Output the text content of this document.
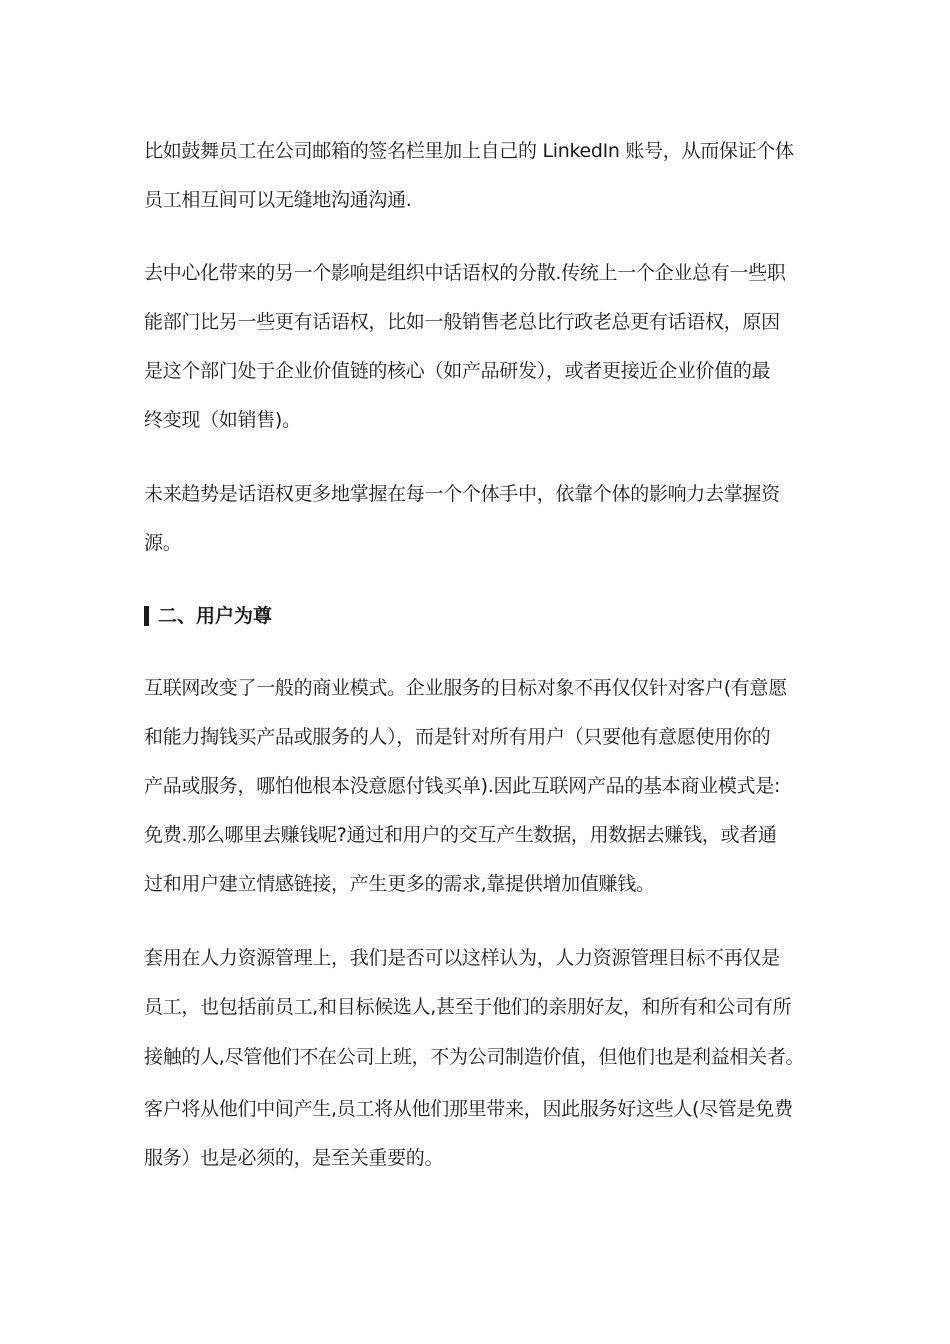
比如鼓舞员工在公司邮箱的签名栏里加上自己的 LinkedIn 账号，从而保证个体
员工相互间可以无缝地沟通沟通.
去中心化带来的另一个影响是组织中话语权的分散.传统上一个企业总有一些职
能部门比另一些更有话语权，比如一般销售老总比行政老总更有话语权，原因
是这个部门处于企业价值链的核心（如产品研发），或者更接近企业价值的最
终变现（如销售)。
未来趋势是话语权更多地掌握在每一个个体手中，依靠个体的影响力去掌握资
源。
二、用户为尊
互联网改变了一般的商业模式。企业服务的目标对象不再仅仅针对客户(有意愿
和能力掏钱买产品或服务的人），而是针对所有用户（只要他有意愿使用你的
产品或服务，哪怕他根本没意愿付钱买单).因此互联网产品的基本商业模式是:
免费.那么哪里去赚钱呢?通过和用户的交互产生数据，用数据去赚钱，或者通
过和用户建立情感链接，产生更多的需求,靠提供增加值赚钱。
套用在人力资源管理上，我们是否可以这样认为，人力资源管理目标不再仅是
员工，也包括前员工,和目标候选人,甚至于他们的亲朋好友，和所有和公司有所
接触的人,尽管他们不在公司上班，不为公司制造价值，但他们也是利益相关者。
客户将从他们中间产生,员工将从他们那里带来，因此服务好这些人(尽管是免费
服务）也是必须的，是至关重要的。
